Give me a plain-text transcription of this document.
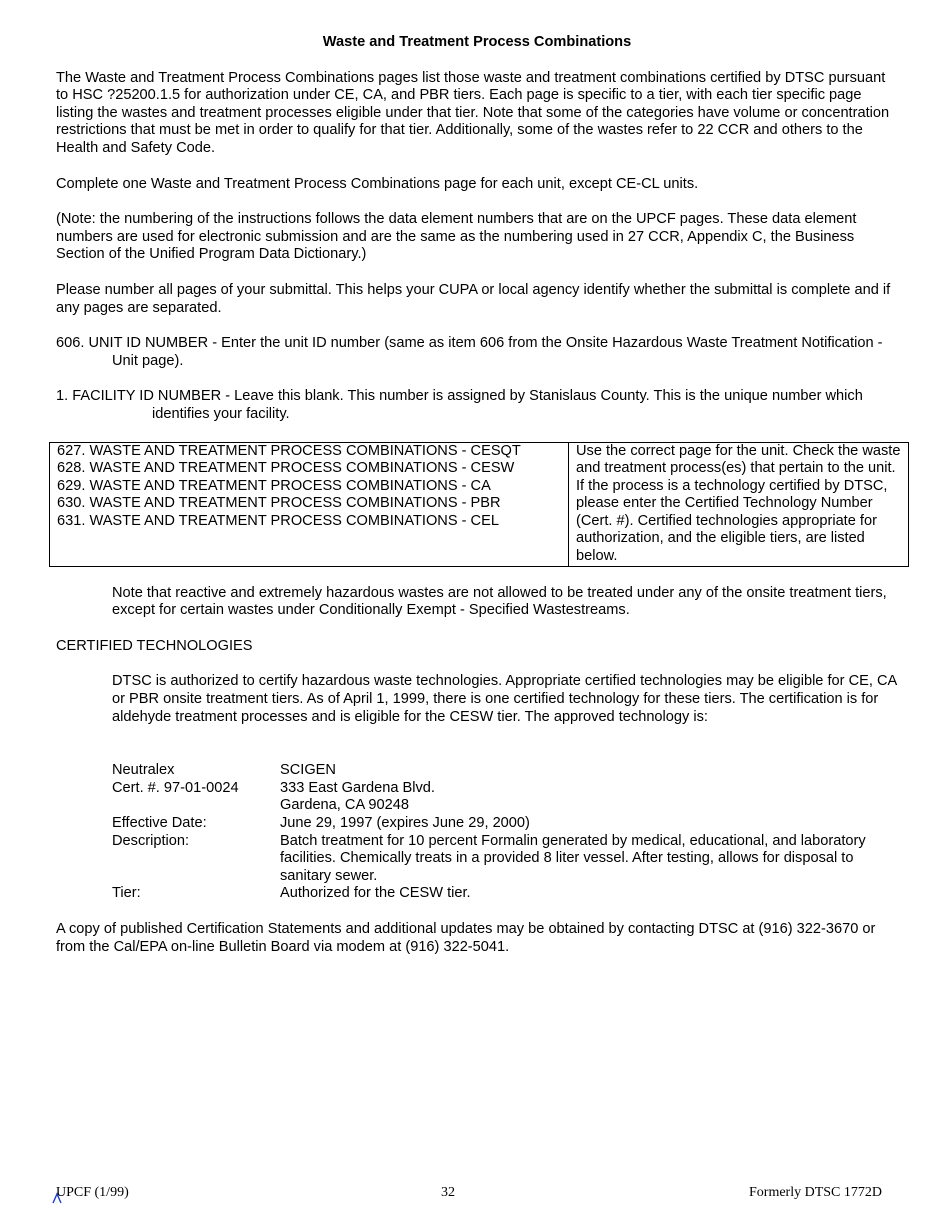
Waste and Treatment Process Combinations

The Waste and Treatment Process Combinations pages list those waste and treatment combinations certified by DTSC pursuant to HSC ?25200.1.5 for authorization under CE, CA, and PBR tiers. Each page is specific to a tier, with each tier specific page listing the wastes and treatment processes eligible under that tier. Note that some of the categories have volume or concentration restrictions that must be met in order to qualify for that tier. Additionally, some of the wastes refer to 22 CCR and others to the Health and Safety Code.

Complete one Waste and Treatment Process Combinations page for each unit, except CE-CL units.

(Note: the numbering of the instructions follows the data element numbers that are on the UPCF pages. These data element numbers are used for electronic submission and are the same as the numbering used in 27 CCR, Appendix C, the Business Section of the Unified Program Data Dictionary.)

Please number all pages of your submittal. This helps your CUPA or local agency identify whether the submittal is complete and if any pages are separated.

606. UNIT ID NUMBER - Enter the unit ID number (same as item 606 from the Onsite Hazardous Waste Treatment Notification - Unit page).

1. FACILITY ID NUMBER - Leave this blank. This number is assigned by Stanislaus County. This is the unique number whichidentifies your facility.

627. WASTE AND TREATMENT PROCESS COMBINATIONS - CESQT
628. WASTE AND TREATMENT PROCESS COMBINATIONS - CESW
629. WASTE AND TREATMENT PROCESS COMBINATIONS - CA
630. WASTE AND TREATMENT PROCESS COMBINATIONS - PBR
631. WASTE AND TREATMENT PROCESS COMBINATIONS - CEL
	Use the correct page for the unit. Check the waste and treatment process(es) that pertain to the unit. If the process is a technology certified by DTSC, please enter the Certified Technology Number (Cert. #). Certified technologies appropriate for authorization, and the eligible tiers, are listed below.

Note that reactive and extremely hazardous wastes are not allowed to be treated under any of the onsite treatment tiers, except for certain wastes under Conditionally Exempt - Specified Wastestreams.

CERTIFIED TECHNOLOGIES

DTSC is authorized to certify hazardous waste technologies. Appropriate certified technologies may be eligible for CE, CA or PBR onsite treatment tiers. As of April 1, 1999, there is one certified technology for these tiers. The certification is for aldehyde treatment processes and is eligible for the CESW tier. The approved technology is:

Neutralex	SCIGEN
Cert. #. 97-01-0024	333 East Gardena Blvd.
Gardena, CA 90248
Effective Date:	June 29, 1997 (expires June 29, 2000)
Description:	Batch treatment for 10 percent Formalin generated by medical, educational, and laboratory facilities. Chemically treats in a provided 8 liter vessel. After testing, allows for disposal to sanitary sewer.
Tier:	Authorized for the CESW tier.

A copy of published Certification Statements and additional updates may be obtained by contacting DTSC at (916) 322-3670 or from the Cal/EPA on-line Bulletin Board via modem at (916) 322-5041.

UPCF (1/99)	32	Formerly DTSC 1772D
